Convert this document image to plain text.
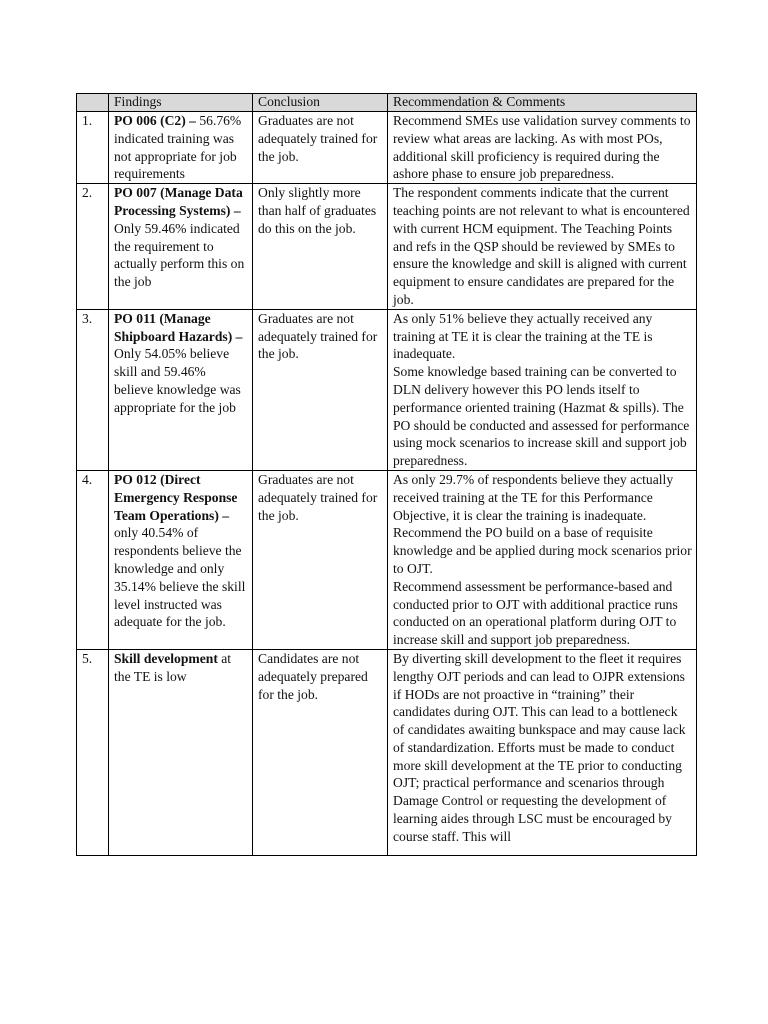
	Findings	Conclusion	Recommendation & Comments
1.	PO 006 (C2) – 56.76% indicated training was not appropriate for job requirements	Graduates are not adequately trained for the job.	Recommend SMEs use validation survey comments to review what areas are lacking. As with most POs, additional skill proficiency is required during the ashore phase to ensure job preparedness.

2.	PO 007 (Manage Data Processing Systems) – Only 59.46% indicated the requirement to actually perform this on the job	Only slightly more than half of graduates do this on the job.	The respondent comments indicate that the current teaching points are not relevant to what is encountered with current HCM equipment. The Teaching Points and refs in the QSP should be reviewed by SMEs to ensure the knowledge and skill is aligned with current equipment to ensure candidates are prepared for the job.

3.	PO 011 (Manage Shipboard Hazards) – Only 54.05% believe skill and 59.46% believe knowledge was appropriate for the job	Graduates are not adequately trained for the job.	As only 51% believe they actually received any training at TE it is clear the training at the TE is inadequate.
Some knowledge based training can be converted to DLN delivery however this PO lends itself to performance oriented training (Hazmat & spills). The PO should be conducted and assessed for performance using mock scenarios to increase skill and support job preparedness.

4.	PO 012 (Direct Emergency Response Team Operations) – only 40.54% of respondents believe the knowledge and only 35.14% believe the skill level instructed was adequate for the job.	Graduates are not adequately trained for the job.	As only 29.7% of respondents believe they actually received training at the TE for this Performance Objective, it is clear the training is inadequate. Recommend the PO build on a base of requisite knowledge and be applied during mock scenarios prior to OJT.
Recommend assessment be performance-based and conducted prior to OJT with additional practice runs conducted on an operational platform during OJT to increase skill and support job preparedness.

5.	Skill development at the TE is low	Candidates are not adequately prepared for the job.	By diverting skill development to the fleet it requires lengthy OJT periods and can lead to OJPR extensions if HODs are not proactive in “training” their candidates during OJT. This can lead to a bottleneck of candidates awaiting bunkspace and may cause lack of standardization. Efforts must be made to conduct more skill development at the TE prior to conducting OJT; practical performance and scenarios through Damage Control or requesting the development of learning aides through LSC must be encouraged by course staff. This will
